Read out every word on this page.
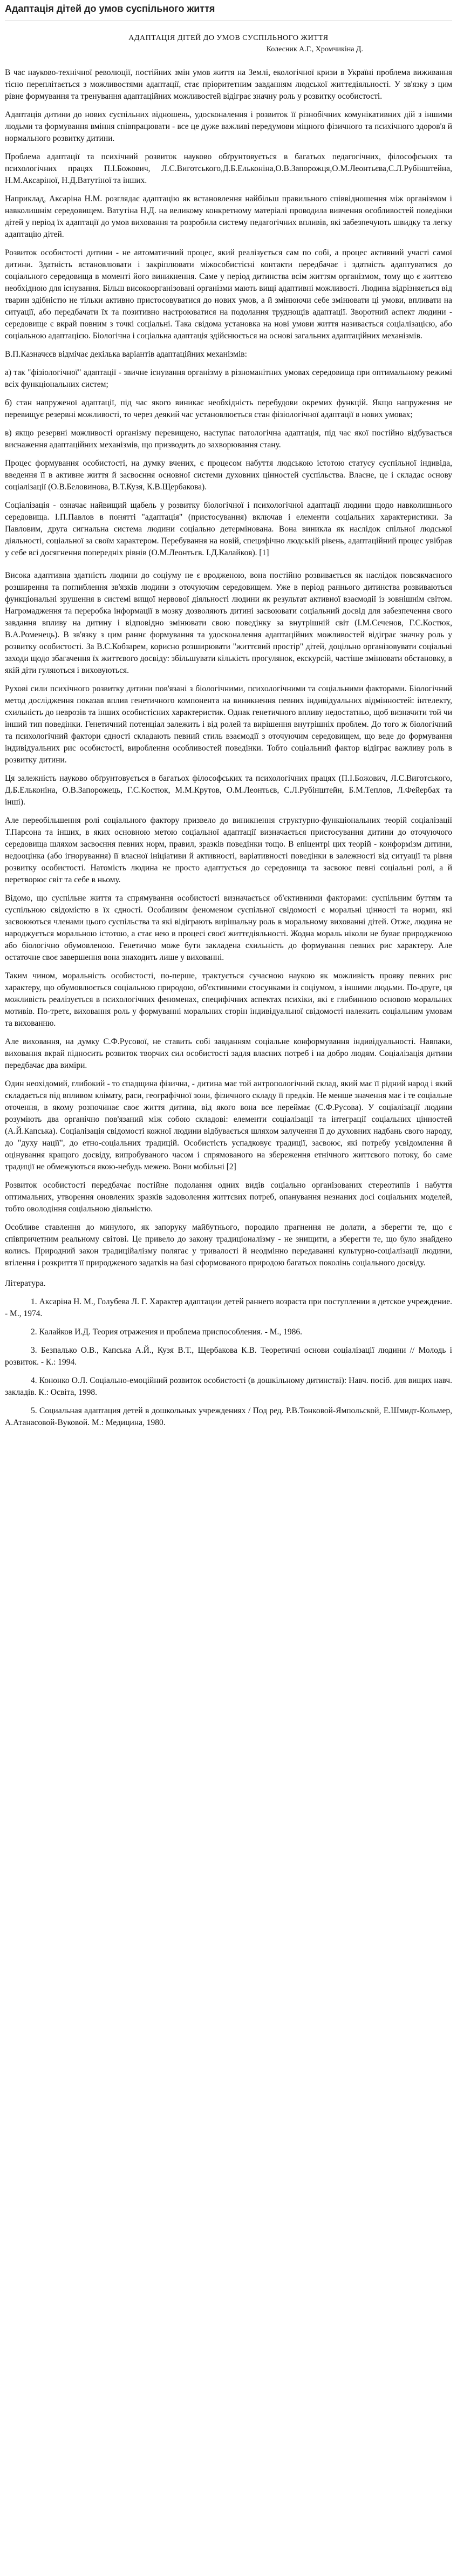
Адаптація дітей до умов суспільного життя

АДАПТАЦІЯ ДІТЕЙ ДО УМОВ СУСПІЛЬНОГО ЖИТТЯ

Колесник А.Г., Хромчикіна Д.

В час науково-технічної революції, постійних змін умов життя на Землі, екологічної кризи в Україні проблема виживання тісно переплітається з можливостями адаптації, стає пріоритетним завданням людської життєдіяльності. У зв'язку з цим рівне формування та тренування адаптаційних можливостей відіграє значну роль у розвитку особистості.

Адаптація дитини до нових суспільних відношень, удосконалення і розвиток її різнобічних комунікативних дій з іншими людьми та формування вміння співпрацювати - все це дуже важливі передумови міцного фізичного та психічного здоров'я й нормального розвитку дитини.

Проблема адаптації та психічний розвиток науково обґрунтовується в багатьох педагогічних, філософських та психологічних працях П.І.Божович, Л.С.Виготського,Д.Б.Ельконіна,О.В.Запорожця,О.М.Леонтьєва,С.Л.Рубінштейна, Н.М.Аксаріної, Н.Д.Ватутіної та інших.

Наприклад, Аксаріна Н.М. розглядає адаптацію як встановлення найбільш правильного співвідношення між організмом і навколишнім середовищем. Ватутіна Н.Д. на великому конкретному матеріалі проводила вивчення особливостей поведінки дітей у період їх адаптації до умов виховання та розробила систему педагогічних впливів, які забезпечують швидку та легку адаптацію дітей.

Розвиток особистості дитини - не автоматичний процес, який реалізується сам по собі, а процес активний участі самої дитини. Здатність встановлювати і закріплювати міжособистісні контакти передбачає і здатність адаптуватися до соціального середовища в моменті його виникнення. Саме у період дитинства всім життям організмом, тому що є життєво необхідною для існування. Більш високоорганізовані організми мають вищі адаптивні можливості. Людина відрізняється від тварин здібністю не тільки активно пристосовуватися до нових умов, а й змінюючи себе змінювати ці умови, впливати на ситуації, або передбачати їх та позитивно настроюватися на подолання труднощів адаптації. Зворотний аспект людини - середовище є вкрай повним з точкі соціальні. Така свідома установка на нові умови життя називається соціалізацією, або соціальною адаптацією. Біологічна і соціальна адаптація здійснюється на основі загальних адаптаційних механізмів.

В.П.Казначєєв відмічає декілька варіантів адаптаційних механізмів:

а) так "фізіологічної" адаптації - звичне існування організму в різноманітних умовах середовища при оптимальному режимі всіх функціональних систем;

б) стан напруженої адаптації, під час якого виникає необхідність перебудови окремих функцій. Якщо напруження не перевищує резервні можливості, то через деякий час установлюється стан фізіологічної адаптації в нових умовах;

в) якщо резервні можливості організму перевищено, наступає патологічна адаптація, під час якої постійно відбувається виснаження адаптаційних механізмів, що призводить до захворювання стану.

Процес формування особистості, на думку вчених, є процесом набуття людською істотою статусу суспільної індивіда, введення її в активне життя й засвоєння основної системи духовних цінностей суспільства. Власне, це і складає основу соціалізації (О.В.Беловинова, В.Т.Кузя, К.В.Щербакова).

Соціалізація - означає найвищий щабель у розвитку біологічної і психологічної адаптації людини щодо навколишнього середовища. І.П.Павлов в понятті "адаптація" (пристосування) включав і елементи соціальних характеристики. За Павловим, друга сигнальна система людини соціально детермінована. Вона виникла як наслідок спільної людської діяльності, соціальної за своїм характером. Перебування на новій, специфічно людській рівень, адаптаційний процес увібрав у себе всі досягнення попередніх рівнів (О.М.Леонтьєв. І.Д.Калайков). [1]

Висока адаптивна здатність людини до соціуму не є вродженою, вона постійно розвивається як наслідок повсякчасного розширення та поглиблення зв'язків людини з оточуючим середовищем. Уже в період раннього дитинства розвиваються функціональні зрушення в системі вищої нервової діяльності людини як результат активної взаємодії із зовнішнім світом. Нагромадження та переробка інформації в мозку дозволяють дитині засвоювати соціальний досвід для забезпечення свого завдання впливу на дитину і відповідно змінювати свою поведінку за внутрішній світ (І.М.Сеченов, Г.С.Костюк, В.А.Роменець). В зв'язку з цим раннє формування та удосконалення адаптаційних можливостей відіграє значну роль у розвитку особистості. За В.С.Кобзарем, корисно розширювати "життєвий простір" дітей, доцільно організовувати соціальні заходи щодо збагачення їх життєвого досвіду: збільшувати кількість прогулянок, екскурсій, частіше змінювати обстановку, в якій діти гуляються і виховуються.

Рухові сили психічного розвитку дитини пов'язані з біологічними, психологічними та соціальними факторами. Біологічний метод дослідження показав вплив генетичного компонента на виникнення певних індивідуальних відмінностей: інтелекту, схильність до неврозів та інших особистісних характеристик. Однак генетичного впливу недостатньо, щоб визначити той чи інший тип поведінки. Генетичний потенціал залежить і від ролей та вирішення внутрішніх проблем. До того ж біологічний та психологічний фактори єдності складають певний стиль взаємодії з оточуючим середовищем, що веде до формування індивідуальних рис особистості, вироблення особливостей поведінки. Тобто соціальний фактор відіграє важливу роль в розвитку дитини.

Ця залежність науково обґрунтовується в багатьох філософських та психологічних працях (П.І.Божович, Л.С.Виготського, Д.Б.Ельконіна, О.В.Запорожець, Г.С.Костюк, М.М.Крутов, О.М.Леонтьєв, С.Л.Рубінштейн, Б.М.Теплов, Л.Фейербах та інші).

Але переобільшення ролі соціального фактору призвело до виникнення структурно-функціональних теорій соціалізації Т.Парсона та інших, в яких основною метою соціальної адаптації визначається пристосування дитини до оточуючого середовища шляхом засвоєння певних норм, правил, зразків поведінки тощо. В епіцентрі цих теорій - конформізм дитини, недооцінка (або ігнорування) її власної ініціативи й активності, варіативності поведінки в залежності від ситуації та рівня розвитку особистості. Натомість людина не просто адаптується до середовища та засвоює певні соціальні ролі, а й перетворює світ та себе в ньому.

Відомо, що суспільне життя та спрямування особистості визначається об'єктивними факторами: суспільним буттям та суспільною свідомістю в їх єдності. Особливим феноменом суспільної свідомості є моральні цінності та норми, які засвоюються членами цього суспільства та які відіграють вирішальну роль в моральному вихованні дітей. Отже, людина не народжується моральною істотою, а стає нею в процесі своєї життєдіяльності. Жодна мораль ніколи не буває природженою або біологічно обумовленою. Генетично може бути закладена схильність до формування певних рис характеру. Але остаточне своє завершення вона знаходить лише у вихованні.

Таким чином, моральність особистості, по-перше, трактується сучасною наукою як можливість прояву певних рис характеру, що обумовлюється соціальною природою, об'єктивними стосунками із соціумом, з іншими людьми. По-друге, ця можливість реалізується в психологічних феноменах, специфічних аспектах психіки, які є глибинною основою моральних мотивів. По-третє, виховання роль у формуванні моральних сторін індивідуальної свідомості належить соціальним умовам та вихованню.

Але виховання, на думку С.Ф.Русової, не ставить собі завданням соціальне конформування індивідуальності. Навпаки, виховання вкрай підносить розвиток творчих сил особистості задля власних потреб і на добро людям. Соціалізація дитини передбачає два виміри.

Один неохідомий, глибокий - то спадщина фізична, - дитина має той антропологічний склад, який має її рідний народ і який складається під впливом клімату, раси, географічної зони, фізичного складу її предків. Не менше значення має і те соціальне оточення, в якому розпочинає своє життя дитина, від якого вона все переймає (С.Ф.Русова). У соціалізації людини розуміють два органічно пов'язаний між собою складові: елементи соціалізації та інтеграції соціальних цінностей (А.Й.Капська). Соціалізація свідомості кожної людини відбувається шляхом залучення її до духовних надбань свого народу, до "духу нації", до етно-соціальних традицій. Особистість успадковує традиції, засвоює, які потребу усвідомлення й оцінування кращого досвіду, випробуваного часом і спрямованого на збереження етнічного життєвого потоку, бо саме традиції не обмежуються якою-небудь межею. Вони мобільні [2]

Розвиток особистості передбачає постійне подолання одних видів соціально організованих стереотипів і набуття оптимальних, утворення оновлених зразків задоволення життєвих потреб, опанування незнаних досі соціальних моделей, тобто оволодіння соціальною діяльністю.

Особливе ставлення до минулого, як запоруку майбутнього, породило прагнення не долати, а зберегти те, що є співпричетним реальному світові. Це привело до закону традиціоналізму - не знищити, а зберегти те, що було знайдено колись. Природний закон традиційалізму полягає у тривалості й неодмінно передаванні культурно-соціалізації людини, втілення і розкриття її природженого задатків на базі сформованого природою багатьох поколінь соціального досвіду.

Література.

1. Аксаріна Н. М., Голубева Л. Г. Характер адаптации детей раннего возраста при поступлении в детское учреждение. - М., 1974.

2. Калайков И.Д. Теория отражения и проблема приспособления. - М., 1986.

3. Безпалько О.В., Капська А.Й., Кузя В.Т., Щербакова К.В. Теоретичні основи соціалізації людини // Молодь і розвиток. - К.: 1994.

4. Кононко О.Л. Соціально-емоційний розвиток особистості (в дошкільному дитинстві): Навч. посіб. для вищих навч. закладів. К.: Освіта, 1998.

5. Социальная адаптация детей в дошкольных учреждениях / Под ред. Р.В.Тонковой-Ямпольской, Е.Шмидт-Кольмер, А.Атанасовой-Вуковой. М.: Медицина, 1980.
